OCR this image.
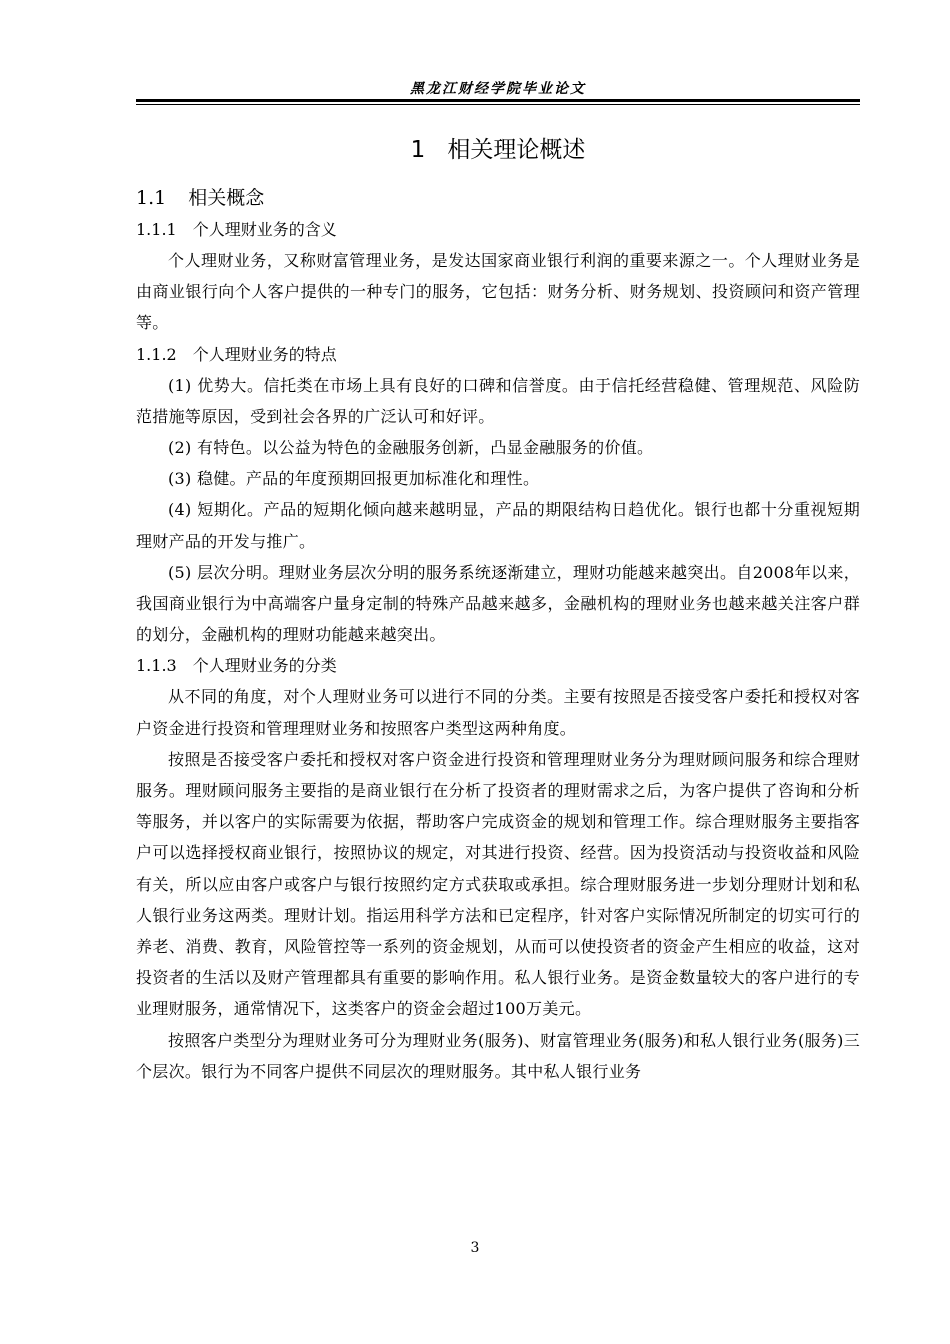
黑龙江财经学院毕业论文
1 相关理论概述
1.1 相关概念
1.1.1 个人理财业务的含义

个人理财业务，又称财富管理业务，是发达国家商业银行利润的重要来源之一。个人理财业务是由商业银行向个人客户提供的一种专门的服务，它包括：财务分析、财务规划、投资顾问和资产管理等。

1.1.2 个人理财业务的特点

(1) 优势大。信托类在市场上具有良好的口碑和信誉度。由于信托经营稳健、管理规范、风险防范措施等原因，受到社会各界的广泛认可和好评。

(2) 有特色。以公益为特色的金融服务创新，凸显金融服务的价值。

(3) 稳健。产品的年度预期回报更加标准化和理性。

(4) 短期化。产品的短期化倾向越来越明显，产品的期限结构日趋优化。银行也都十分重视短期理财产品的开发与推广。

(5) 层次分明。理财业务层次分明的服务系统逐渐建立，理财功能越来越突出。自2008年以来，我国商业银行为中高端客户量身定制的特殊产品越来越多，金融机构的理财业务也越来越关注客户群的划分，金融机构的理财功能越来越突出。

1.1.3 个人理财业务的分类

从不同的角度，对个人理财业务可以进行不同的分类。主要有按照是否接受客户委托和授权对客户资金进行投资和管理理财业务和按照客户类型这两种角度。

按照是否接受客户委托和授权对客户资金进行投资和管理理财业务分为理财顾问服务和综合理财服务。理财顾问服务主要指的是商业银行在分析了投资者的理财需求之后，为客户提供了咨询和分析等服务，并以客户的实际需要为依据，帮助客户完成资金的规划和管理工作。综合理财服务主要指客户可以选择授权商业银行，按照协议的规定，对其进行投资、经营。因为投资活动与投资收益和风险有关，所以应由客户或客户与银行按照约定方式获取或承担。综合理财服务进一步划分理财计划和私人银行业务这两类。理财计划。指运用科学方法和已定程序，针对客户实际情况所制定的切实可行的养老、消费、教育，风险管控等一系列的资金规划，从而可以使投资者的资金产生相应的收益，这对投资者的生活以及财产管理都具有重要的影响作用。私人银行业务。是资金数量较大的客户进行的专业理财服务，通常情况下，这类客户的资金会超过100万美元。

按照客户类型分为理财业务可分为理财业务(服务)、财富管理业务(服务)和私人银行业务(服务)三个层次。银行为不同客户提供不同层次的理财服务。其中私人银行业务

3
